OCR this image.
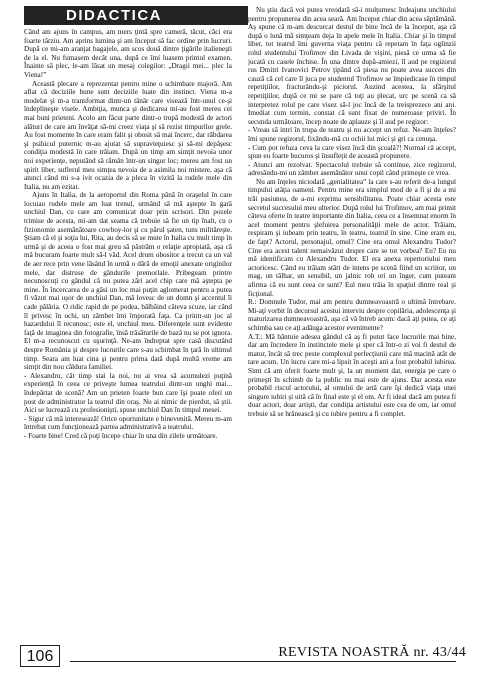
DIDACTICA

Când am ajuns în campus, am mers ţintă spre cameră, tăcut, căci era foarte târziu. Am aprins lumina şi am început să fac ordine prin lucruri. După ce mi-am aranjat bagajele, am scos două dintre ţigările italieneşti de la el. Nu fumasem decât una, după ce îmi luasem primul examen. Înainte să plec, le-am lăsat un mesaj colegilor: „Dragii mei... plec la Viena!”

Această plecare a reprezentat pentru mine o schimbare majoră. Am aflat că deciziile bune sunt deciziile luate din instinct. Viena m-a modelat şi m-a transformat dintr-un tânăr care visează într-unul ce-şi îndeplineşte visele. Ambiţia, munca şi dedicarea mi-au fost mereu cei mai buni prieteni. Acolo am făcut parte dintr-o trupă modestă de actori alături de care am învăţat să-mi creez viaţa şi să rezist timpurilor grele. Au fost momente în care eram falit şi obosit să mai încerc, dar răbdarea şi psihicul puternic m-au ajutat să supravieţuiesc şi să-mi depăşesc condiţia modestă în care trăiam. După un timp am simţit nevoia unor noi experienţe, neputând să rămân într-un singur loc; mereu am fost un spirit liber, suflerul meu simţea nevoia de a asimila noi mistere, aşa că atunci când mi s-a ivit ocazia de a pleca în vizită la rudele mele din Italia, nu am ezitat.

Ajuns în Italia, de la aeroportul din Roma până în oraşelul în care locuiau rudele mele am luat trenul, urmând să mă aştepte în gară unchiul Dan, cu care am comunicat doar prin scrisori. Din pozele trimise de acesta, mi-am dat seama că trebuie să fie un tip înalt, cu o fizionomie asemănătoare cowboy-lor şi cu părul şaten, tuns milităreşte. Ştiam că el şi soţia lui, Rita, au decis să se mute în Italia cu mult timp în urmă şi de aceea o fost mai greu să păstrăm o relaţie apropiată, aşa că mă bucuram foarte mult să-l văd. Acel drum obositor a trecut ca un val de aer rece prin vene lăsând în urmă o dără de emoţii anexate originilor mele, dar distruse de gândurile premorlale. Pribegeam printre necunoscuţi cu gândul că nu putea zări acel chip care mă aştepta pe mine. În încercarea de a găsi un loc mai puţin aglomerat pentru a putea fi văzut mai uşor de unchiul Dan, mă lovesc de un domn şi accentul îi cade pălăria. O ridic rapid de pe podea, bâlbâind câteva scuze, iar când îl privesc în ochi, un zâmbet îmi împorată faţa. Ca printr-un joc al hazardului îl recunosc; este el, unchiul meu. Diferenţele sunt evidente faţă de imaginea din fotografie, însă trăsăturile de bază nu se pot ignora. El m-a recunoscut cu uşurinţă. Ne-am îndreptat spre casă discutând despre România şi despre lucrurile care s-au schimbat în ţară în ultimul timp. Seara am luat cina şi pentru prima dată după multă vreme am simţit din nou căldura familiei.

- Alexandru, cât timp stai la noi, nu ai vrea să acumulezi puţină experienţă în ceea ce priveşte lumea teatrului dintr-un unghi mai... îndepărtat de scenă? Am un prieten foarte bun care îşi poate oferi un post de administrator la teatrul din oraş. Nu ai nimic de pierdut, să ştii. Aici se lucrează cu profesionişti, spuse unchiul Dan în timpul mesei.

- Sigur că mă interesează! Orice oportunitate e binevenită. Mereu m-am întrebat cum funcţionează partea administrativă a teatrului.

- Foarte bine! Cred că poţi începe chiar în una din zilele următoare.

Nu ştiu dacă voi putea vreodată să-i mulţumesc îndeajuns unchiului pentru propunerea din acea seară. Am început chiar din acea săptămână. Aş spune că m-am descurcat destul de bine încă de la început, aşa că după o lună mă simţeam deja în apele mele în Italia. Chiar şi în timpul liber, tot teatrul îmi guverna viaţa pentru că repetam în faţa oglinzii rolul studentului Trofimov din Livada de vişini, piesă ce urma să fie jucată cu casele închise. În una dintre după-amiezi, îl aud pe regizorul rus Dmitri Ivanovici Petrov ţipând că piesa nu poate avea succes din cauză că cel care îl juca pe studentul Trofimov se împiedicase în timpul repetiţiilor, fracturându-şi piciorul. Auzind acestea, la sfârşitul repetiţiilor, după ce mi se pare că toţi au plecat, urc pe scenă ca să interpretez rolul pe care visez să-l joc încă de la treisprezece ani ani. Imediat cum termin, constat că sunt fixat de numeroase priviri. În secunda următoare, încep noate de aplauze şi îl aud pe regizor:

- Vreau să intri în trupa de teatru şi nu accept un refuz. Ne-am înţeles? îmi spune regizorul, fixându-mă cu ochii lui mici şi gri ca cenuşa.

- Cum pot refuza ceva la care visez încă din şcoală?! Normal că accept, spun eu foarte bucuros şi însufleţit de această propunere.

- Atunci am rezolvat. Spectacolul trebuie să continue, zice regizorul, adresându-mi un zâmbet asemănător unui copil când primeşte ce vrea.

Nu am înţeles niciodată „genialitatea” la care s-au referit de-a lungul timpului atâţia oameni. Pentru mine era simplul mod de a fi şi de a mi trăi pasiunea, de a-mi exprima sensibilitatea. Poate chiar acesta este secretul succesului meu ulterior. După rolul lui Trofimov, am mai primit câteva oferte în teatre importante din Italia, ceea ce a însemnat enorm în acel moment pentru şlefuirea personalităţii mele de actor. Trăiam, respiram şi iubeam prin teatru, în teatru, teatrul în sine. Cine eram eu, de fapt? Actorul, personajul, omul? Cine era omul Alexandru Tudor? Cine era acest talent nemaivăzut despre care se tot vorbea? Eu? Eu nu mă identificam cu Alexandru Tudor. El era anexa repertoriului meu actoricesc. Când eu trăiam stări de intens pe scenă fiind un scriitor, un mag, un tâlhar, un sensibil, un jalnic rob ori un înger, cum puteam afirma că eu sunt ceea ce sunt? Eul meu trăia în spaţiul dintre real şi ficţional.

R.: Domnule Tudor, mai am pentru dumneavoastră o ultimă întrebare. Mi-aţi vorbit în decursul acestui interviu despre copilăria, adolescenţa şi maturizarea dumneavoastră, aşa că vă întreb acum: dacă aţi putea, ce aţi schimba sau ce aţi adăuga acestor evenimente?

A.T.: Mă bântuie adesea gândul că aş fi putut face lucrurile mai bine, dar am încredere în instinctele mele şi sper că într-o zi voi fi destul de matur, încât să trec peste complexul perfecţiunii care mă macină atât de tare acum. Un lucru care mi-a lipsit în aceşti ani a fost probabil iubirea. Simt că am oferit foarte mult şi, la un moment dat, energia pe care o primeşti în schimb de la public nu mai este de ajuns. Dar acesta este probabil riscul actorului, al omului de artă care îşi dedică viaţa unei singure iubiri şi uită că în final este şi el om. Ar fi ideal dacă am putea fi doar actori, doar artişti, dar condiţia artistului este cea de om, iar omul trebuie să se hrănească şi cu iubire pentru a fi complet.

106	REVISTA NOASTRĂ nr. 43/44
